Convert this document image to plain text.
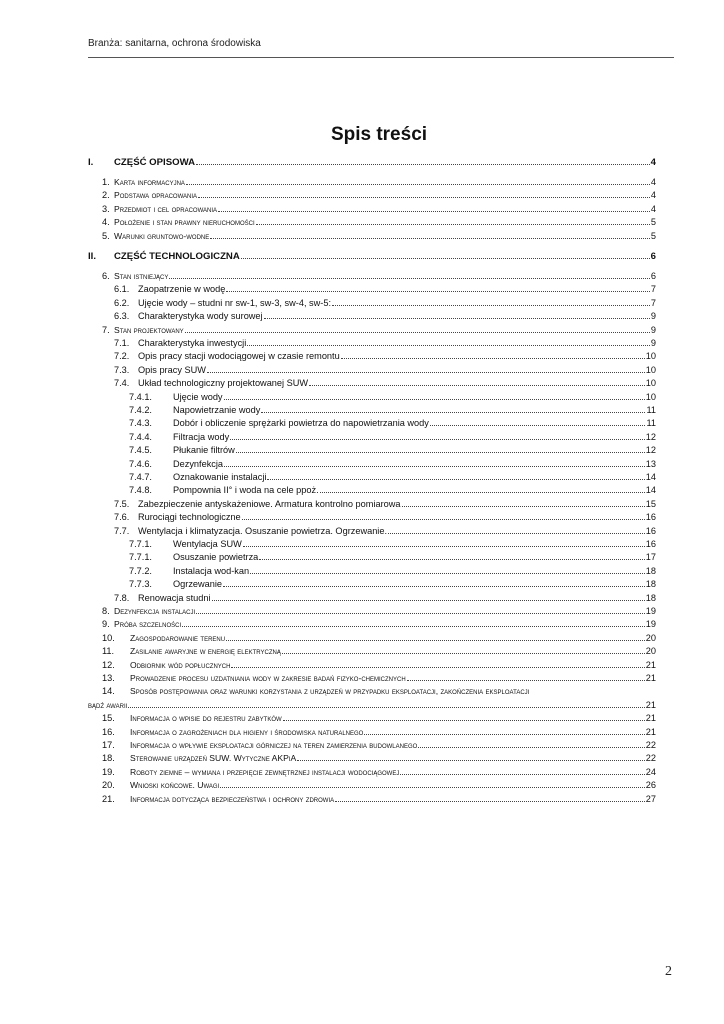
Branża: sanitarna, ochrona środowiska
Spis treści
I.	CZĘŚĆ OPISOWA	4
1. Karta informacyjna	4
2. Podstawa opracowania	4
3. Przedmiot i cel opracowania	4
4. Położenie i stan prawny nieruchomości	5
5. Warunki gruntowo-wodne	5
II.	CZĘŚĆ TECHNOLOGICZNA	6
6. Stan istniejący	6
6.1. Zaopatrzenie w wodę	7
6.2. Ujęcie wody – studni nr sw-1, sw-3, sw-4, sw-5:	7
6.3. Charakterystyka wody surowej	9
7. Stan projektowany	9
7.1. Charakterystyka inwestycji	9
7.2. Opis pracy stacji wodociągowej w czasie remontu	10
7.3. Opis pracy SUW	10
7.4. Układ technologiczny projektowanej SUW	10
7.4.1.	Ujęcie wody	10
7.4.2.	Napowietrzanie wody	11
7.4.3.	Dobór i obliczenie sprężarki powietrza do napowietrzania wody	11
7.4.4.	Filtracja wody	12
7.4.5.	Płukanie filtrów	12
7.4.6.	Dezynfekcja	13
7.4.7.	Oznakowanie instalacji	14
7.4.8.	Pompownia II° i woda na cele ppoż.	14
7.5. Zabezpieczenie antyskażeniowe. Armatura kontrolno pomiarowa	15
7.6. Rurociągi technologiczne	16
7.7. Wentylacja i klimatyzacja. Osuszanie powietrza. Ogrzewanie.	16
7.7.1.	Wentylacja SUW	16
7.7.1.	Osuszanie powietrza	17
7.7.2.	Instalacja wod-kan	18
7.7.3.	Ogrzewanie	18
7.8. Renowacja studni	18
8. Dezynfekcja instalacji	19
9. Próba szczelności	19
10.	Zagospodarowanie terenu	20
11.	Zasilanie awaryjne w energię elektryczną	20
12.	Odbiornik wód popłucznych	21
13.	Prowadzenie procesu uzdatniania wody w zakresie badań fizyko-chemicznych	21
14.	Sposób postępowania oraz warunki korzystania z urządzeń w przypadku eksploatacji, zakończenia eksploatacji
bądź awarii	21
15.	Informacja o wpisie do rejestru zabytków	21
16.	Informacja o zagrożeniach dla higieny i środowiska naturalnego	21
17.	Informacja o wpływie eksploatacji górniczej na teren zamierzenia budowlanego	22
18.	Sterowanie urządzeń SUW. Wytyczne AKPiA	22
19.	Roboty ziemne – wymiana i przepięcie zewnętrznej instalacji wodociągowej	24
20.	Wnioski końcowe. Uwagi	26
21.	Informacja dotycząca bezpieczeństwa i ochrony zdrowia	27
2
